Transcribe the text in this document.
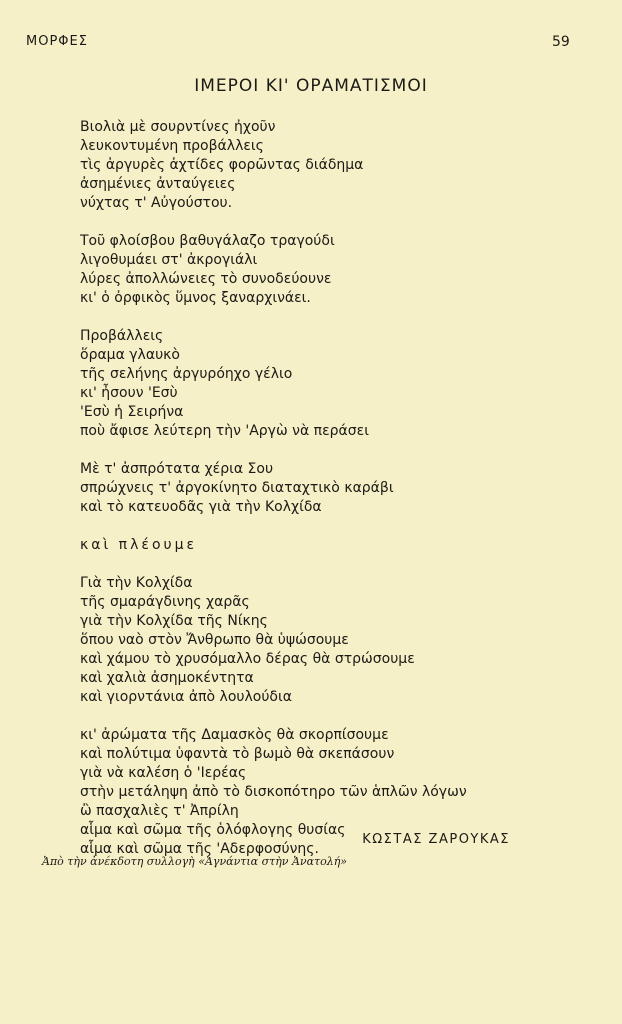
ΜΟΡΦΕΣ	59
ΙΜΕΡΟΙ ΚΙ' ΟΡΑΜΑΤΙΣΜΟΙ
Βιολιὰ μὲ σουρντίνες ἠχοῦν
λευκοντυμένη προβάλλεις
τὶς ἀργυρὲς ἀχτίδες φορῶντας διάδημα
ἀσημένιες ἀνταύγειες
νύχτας τ' Αὐγούστου.
Τοῦ φλοίσβου βαθυγάλαζο τραγούδι
λιγοθυμάει στ' ἀκρογιάλι
λύρες ἀπολλώνειες τὸ συνοδεύουνε
κι' ὁ ὀρφικὸς ὕμνος ξαναρχινάει.
Προβάλλεις
ὅραμα γλαυκὸ
τῆς σελήνης ἀργυρόηχο γέλιο
κι' ἦσουν 'Εσὺ
'Εσὺ ἡ Σειρήνα
ποὺ ἄφισε λεύτερη τὴν 'Αργὼ νὰ περάσει
Μὲ τ' ἀσπρότατα χέρια Σου
σπρώχνεις τ' ἀργοκίνητο διαταχτικὸ καράβι
καὶ τὸ κατευοδᾶς γιὰ τὴν Κολχίδα
καὶ πλέουμε
Γιὰ τὴν Κολχίδα
τῆς σμαράγδινης χαρᾶς
γιὰ τὴν Κολχίδα τῆς Νίκης
ὅπου ναὸ στὸν Ἄνθρωπο θὰ ὑψώσουμε
καὶ χάμου τὸ χρυσόμαλλο δέρας θὰ στρώσουμε
καὶ χαλιὰ ἀσημοκέντητα
καὶ γιορντάνια ἀπὸ λουλούδια
κι' ἀρώματα τῆς Δαμασκὸς θὰ σκορπίσουμε
καὶ πολύτιμα ὑφαντὰ τὸ βωμὸ θὰ σκεπάσουν
γιὰ νὰ καλέση ὁ 'Ιερέας
στὴν μετάληψη ἀπὸ τὸ δισκοπότηρο τῶν ἁπλῶν λόγων
ὢ πασχαλιὲς τ' Ἀπρίλη
αἷμα καὶ σῶμα τῆς ὁλόφλογης θυσίας
αἷμα καὶ σῶμα τῆς 'Αδερφοσύνης.
ΚΩΣΤΑΣ ΖΑΡΟΥΚΑΣ
Ἀπὸ τὴν ἀνέκδοτη συλλογὴ «Ἀγνάντια στὴν Ἀνατολή»
